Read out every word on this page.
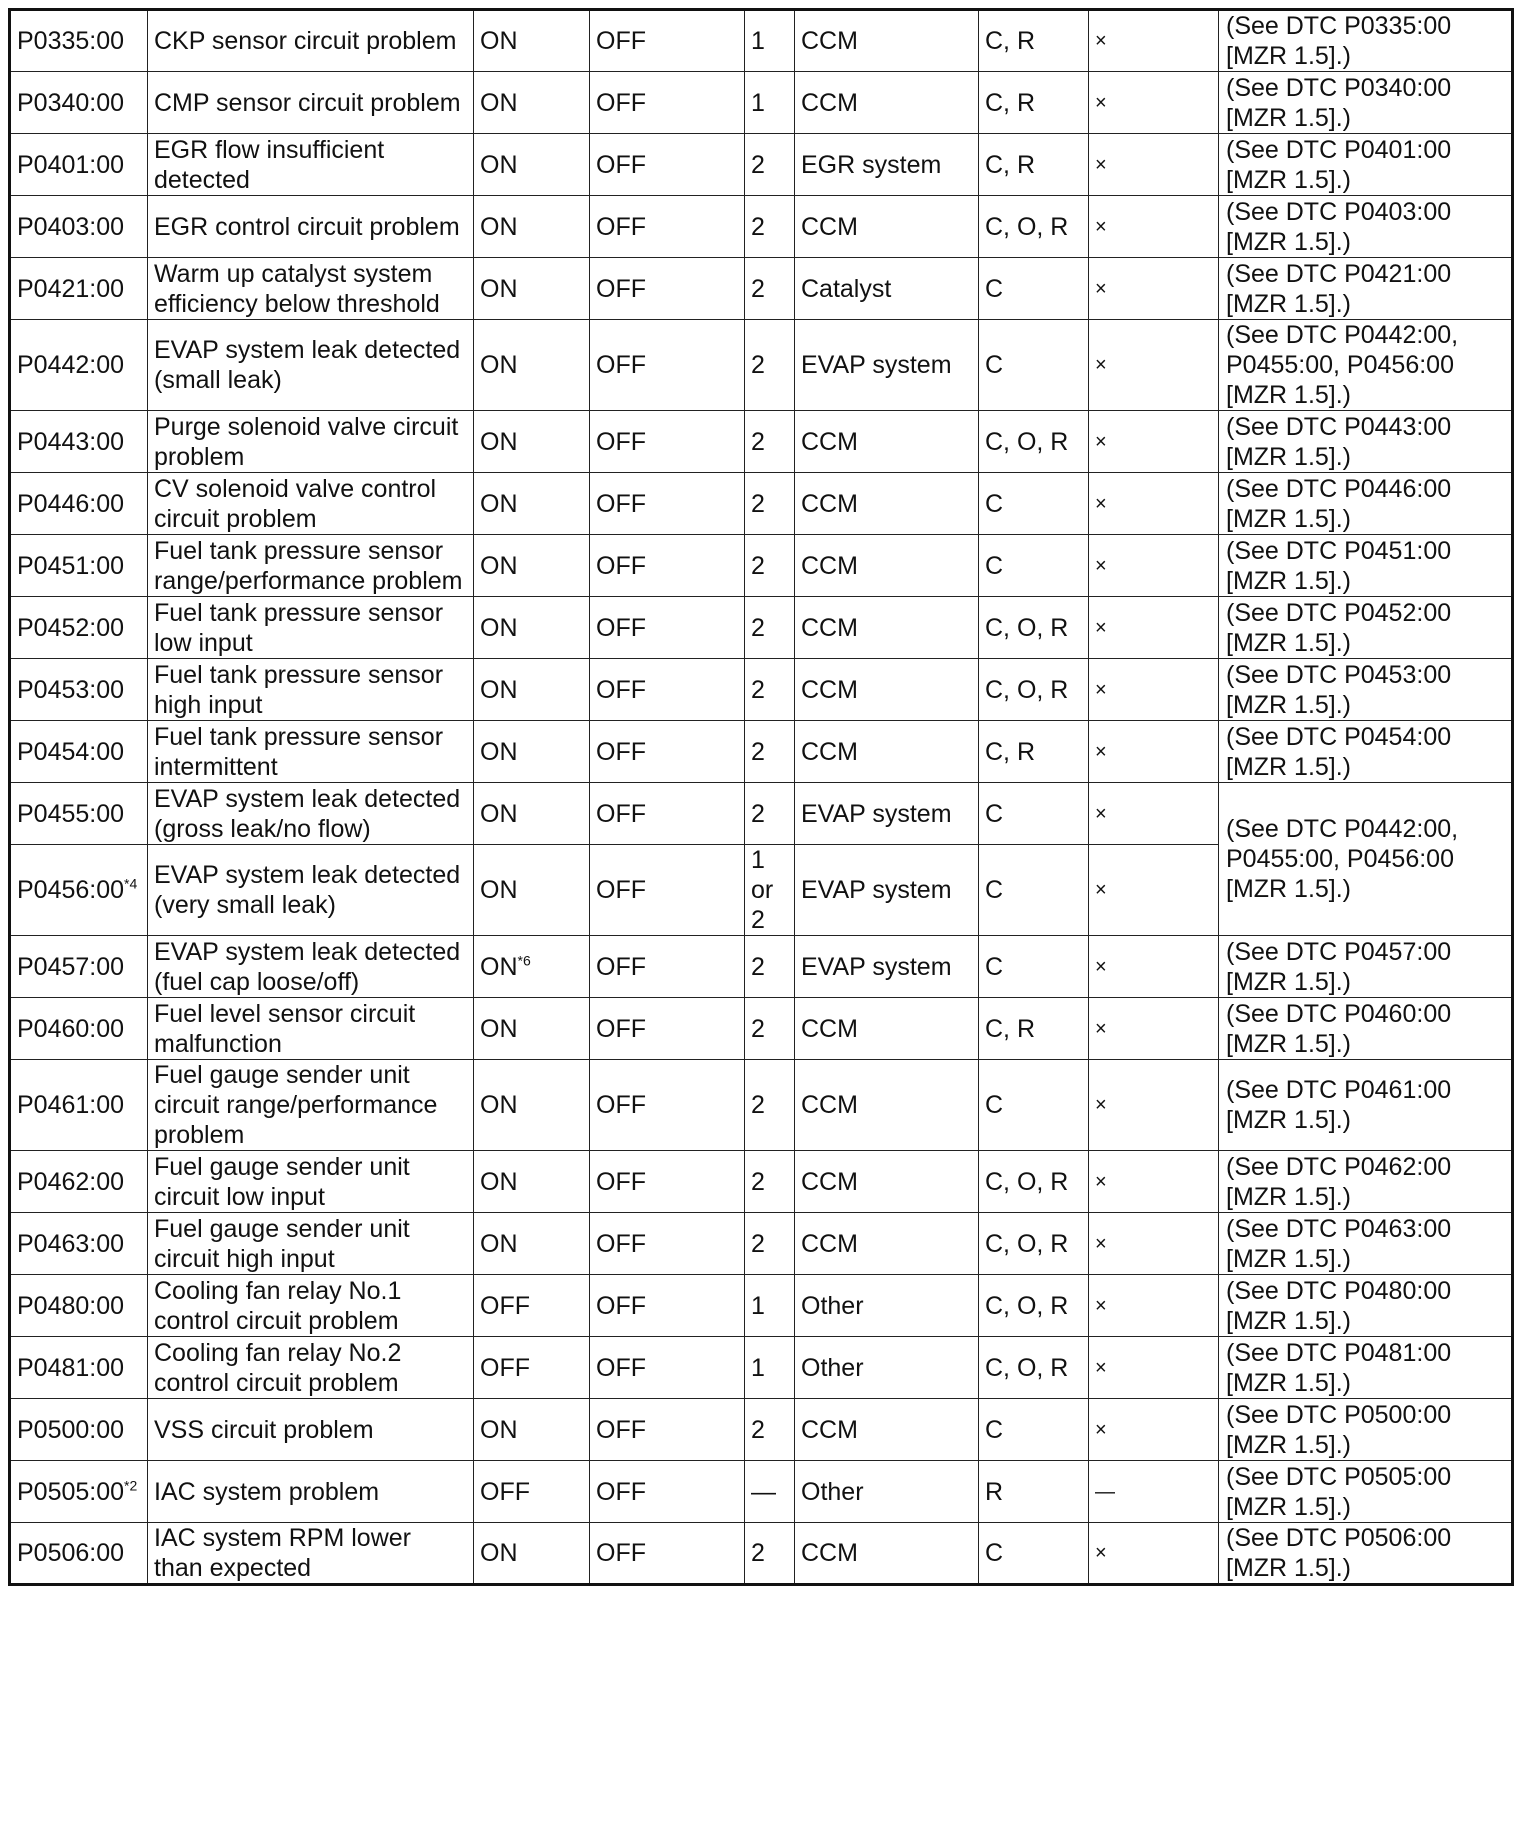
P0335:00	CKP sensor circuit problem	ON	OFF	1	CCM	C, R	×	(See DTC P0335:00
[MZR 1.5].)
P0340:00	CMP sensor circuit problem	ON	OFF	1	CCM	C, R	×	(See DTC P0340:00
[MZR 1.5].)
P0401:00	EGR flow insufficient
detected	ON	OFF	2	EGR system	C, R	×	(See DTC P0401:00
[MZR 1.5].)
P0403:00	EGR control circuit problem	ON	OFF	2	CCM	C, O, R	×	(See DTC P0403:00
[MZR 1.5].)
P0421:00	Warm up catalyst system
efficiency below threshold	ON	OFF	2	Catalyst	C	×	(See DTC P0421:00
[MZR 1.5].)
P0442:00	EVAP system leak detected
(small leak)	ON	OFF	2	EVAP system	C	×	(See DTC P0442:00,
P0455:00, P0456:00
[MZR 1.5].)
P0443:00	Purge solenoid valve circuit
problem	ON	OFF	2	CCM	C, O, R	×	(See DTC P0443:00
[MZR 1.5].)
P0446:00	CV solenoid valve control
circuit problem	ON	OFF	2	CCM	C	×	(See DTC P0446:00
[MZR 1.5].)
P0451:00	Fuel tank pressure sensor
range/performance problem	ON	OFF	2	CCM	C	×	(See DTC P0451:00
[MZR 1.5].)
P0452:00	Fuel tank pressure sensor
low input	ON	OFF	2	CCM	C, O, R	×	(See DTC P0452:00
[MZR 1.5].)
P0453:00	Fuel tank pressure sensor
high input	ON	OFF	2	CCM	C, O, R	×	(See DTC P0453:00
[MZR 1.5].)
P0454:00	Fuel tank pressure sensor
intermittent	ON	OFF	2	CCM	C, R	×	(See DTC P0454:00
[MZR 1.5].)
P0455:00	EVAP system leak detected
(gross leak/no flow)	ON	OFF	2	EVAP system	C	×	(See DTC P0442:00,
P0455:00, P0456:00
[MZR 1.5].)
P0456:00$^{*4}$	EVAP system leak detected
(very small leak)	ON	OFF	1
or
2	EVAP system	C	×	
P0457:00	EVAP system leak detected
(fuel cap loose/off)	ON$^{*6}$	OFF	2	EVAP system	C	×	(See DTC P0457:00
[MZR 1.5].)
P0460:00	Fuel level sensor circuit
malfunction	ON	OFF	2	CCM	C, R	×	(See DTC P0460:00
[MZR 1.5].)
P0461:00	Fuel gauge sender unit
circuit range/performance
problem	ON	OFF	2	CCM	C	×	(See DTC P0461:00
[MZR 1.5].)
P0462:00	Fuel gauge sender unit
circuit low input	ON	OFF	2	CCM	C, O, R	×	(See DTC P0462:00
[MZR 1.5].)
P0463:00	Fuel gauge sender unit
circuit high input	ON	OFF	2	CCM	C, O, R	×	(See DTC P0463:00
[MZR 1.5].)
P0480:00	Cooling fan relay No.1
control circuit problem	OFF	OFF	1	Other	C, O, R	×	(See DTC P0480:00
[MZR 1.5].)
P0481:00	Cooling fan relay No.2
control circuit problem	OFF	OFF	1	Other	C, O, R	×	(See DTC P0481:00
[MZR 1.5].)
P0500:00	VSS circuit problem	ON	OFF	2	CCM	C	×	(See DTC P0500:00
[MZR 1.5].)
P0505:00$^{*2}$	IAC system problem	OFF	OFF	—	Other	R	—	(See DTC P0505:00
[MZR 1.5].)
P0506:00	IAC system RPM lower
than expected	ON	OFF	2	CCM	C	×	(See DTC P0506:00
[MZR 1.5].)
